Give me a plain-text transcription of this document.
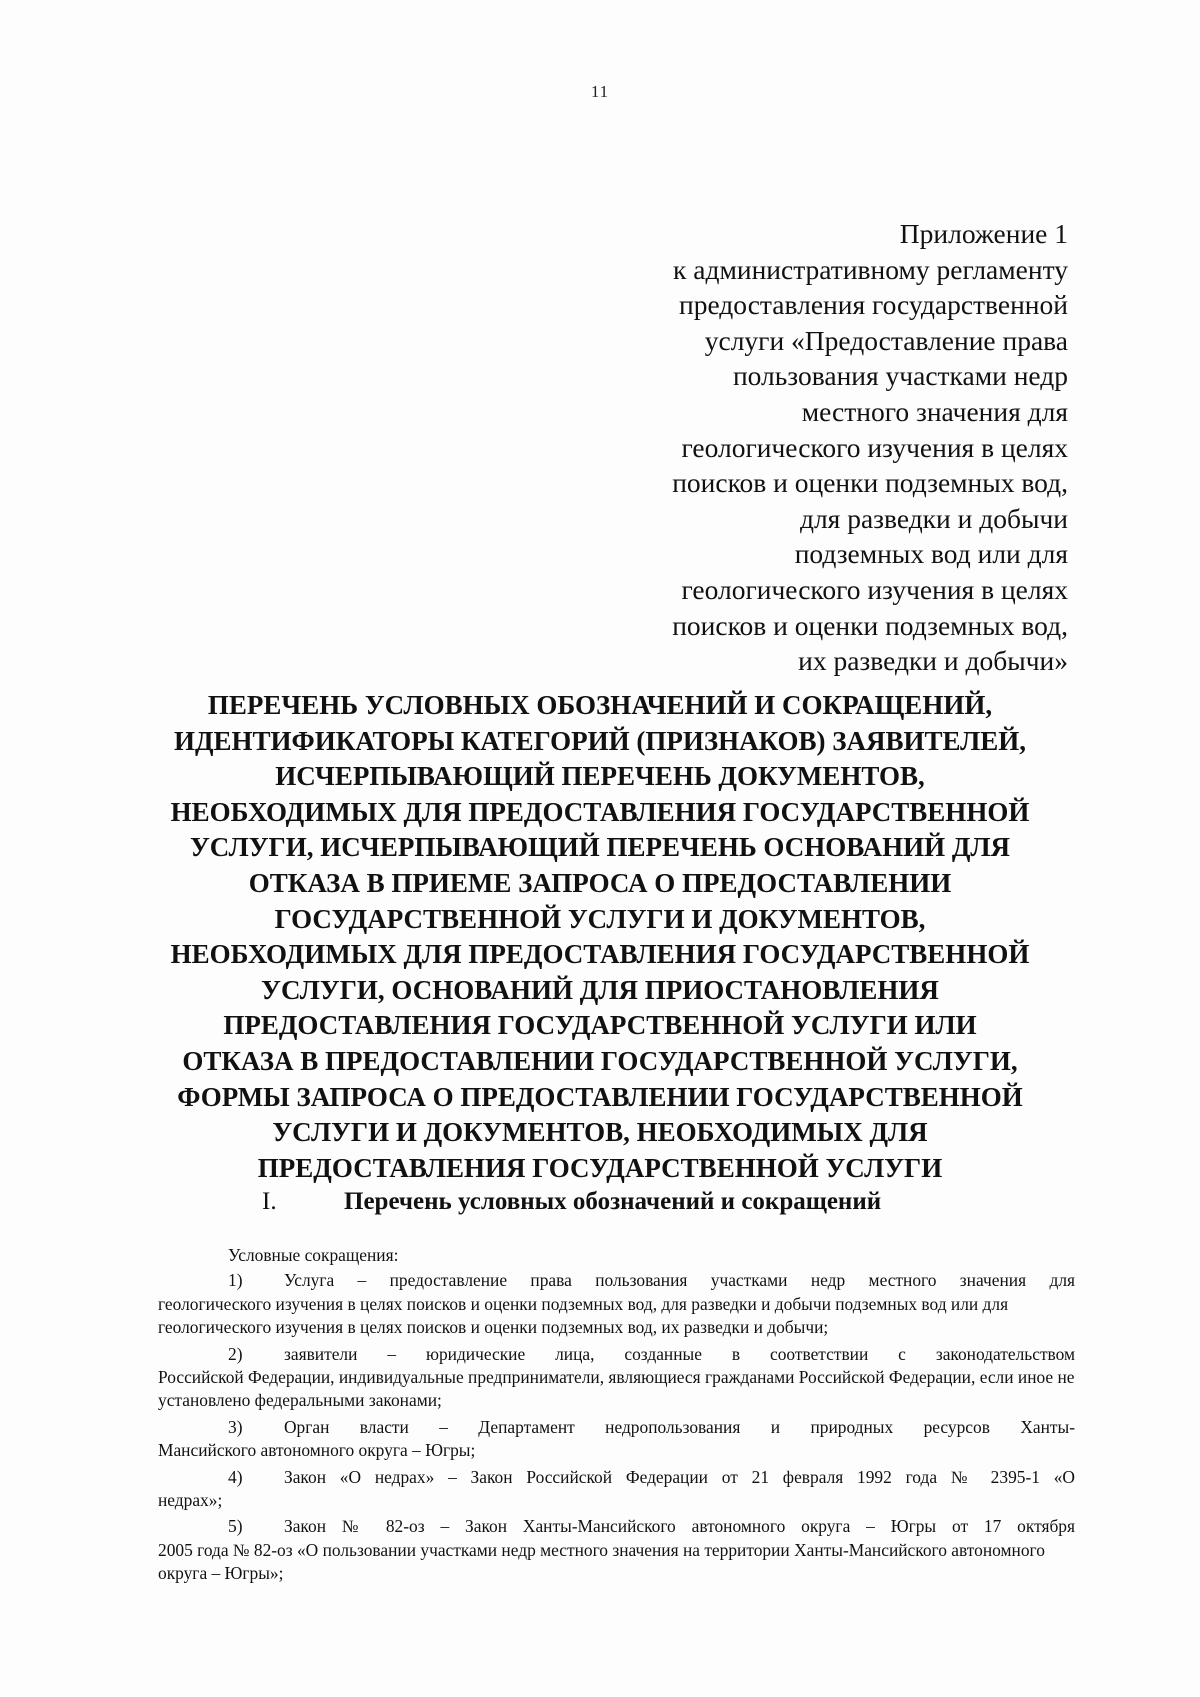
11
Приложение 1
к административному регламенту
предоставления государственной
услуги «Предоставление права
пользования участками недр
местного значения для
геологического изучения в целях
поисков и оценки подземных вод,
для разведки и добычи
подземных вод или для
геологического изучения в целях
поисков и оценки подземных вод,
их разведки и добычи»
ПЕРЕЧЕНЬ УСЛОВНЫХ ОБОЗНАЧЕНИЙ И СОКРАЩЕНИЙ,
ИДЕНТИФИКАТОРЫ КАТЕГОРИЙ (ПРИЗНАКОВ) ЗАЯВИТЕЛЕЙ,
ИСЧЕРПЫВАЮЩИЙ ПЕРЕЧЕНЬ ДОКУМЕНТОВ,
НЕОБХОДИМЫХ ДЛЯ ПРЕДОСТАВЛЕНИЯ ГОСУДАРСТВЕННОЙ
УСЛУГИ, ИСЧЕРПЫВАЮЩИЙ ПЕРЕЧЕНЬ ОСНОВАНИЙ ДЛЯ
ОТКАЗА В ПРИЕМЕ ЗАПРОСА О ПРЕДОСТАВЛЕНИИ
ГОСУДАРСТВЕННОЙ УСЛУГИ И ДОКУМЕНТОВ,
НЕОБХОДИМЫХ ДЛЯ ПРЕДОСТАВЛЕНИЯ ГОСУДАРСТВЕННОЙ
УСЛУГИ, ОСНОВАНИЙ ДЛЯ ПРИОСТАНОВЛЕНИЯ
ПРЕДОСТАВЛЕНИЯ ГОСУДАРСТВЕННОЙ УСЛУГИ ИЛИ
ОТКАЗА В ПРЕДОСТАВЛЕНИИ ГОСУДАРСТВЕННОЙ УСЛУГИ,
ФОРМЫ ЗАПРОСА О ПРЕДОСТАВЛЕНИИ ГОСУДАРСТВЕННОЙ
УСЛУГИ И ДОКУМЕНТОВ, НЕОБХОДИМЫХ ДЛЯ
ПРЕДОСТАВЛЕНИЯ ГОСУДАРСТВЕННОЙ УСЛУГИ
I.	Перечень условных обозначений и сокращений
Условные сокращения:
1) Услуга – предоставление права пользования участками недр местного значения для
геологического изучения в целях поисков и оценки подземных вод, для разведки и добычи подземных вод или для геологического изучения в целях поисков и оценки подземных вод, их разведки и добычи;
2) заявители – юридические лица, созданные в соответствии с законодательством
Российской Федерации, индивидуальные предприниматели, являющиеся гражданами Российской Федерации, если иное не установлено федеральными законами;
3) Орган власти – Департамент недропользования и природных ресурсов Ханты-
Мансийского автономного округа – Югры;
4) Закон «О недрах» – Закон Российской Федерации от 21 февраля 1992 года № 2395-1 «О
недрах»;
5) Закон № 82-оз – Закон Ханты-Мансийского автономного округа – Югры от 17 октября
2005 года № 82-оз «О пользовании участками недр местного значения на территории Ханты-Мансийского автономного округа – Югры»;
